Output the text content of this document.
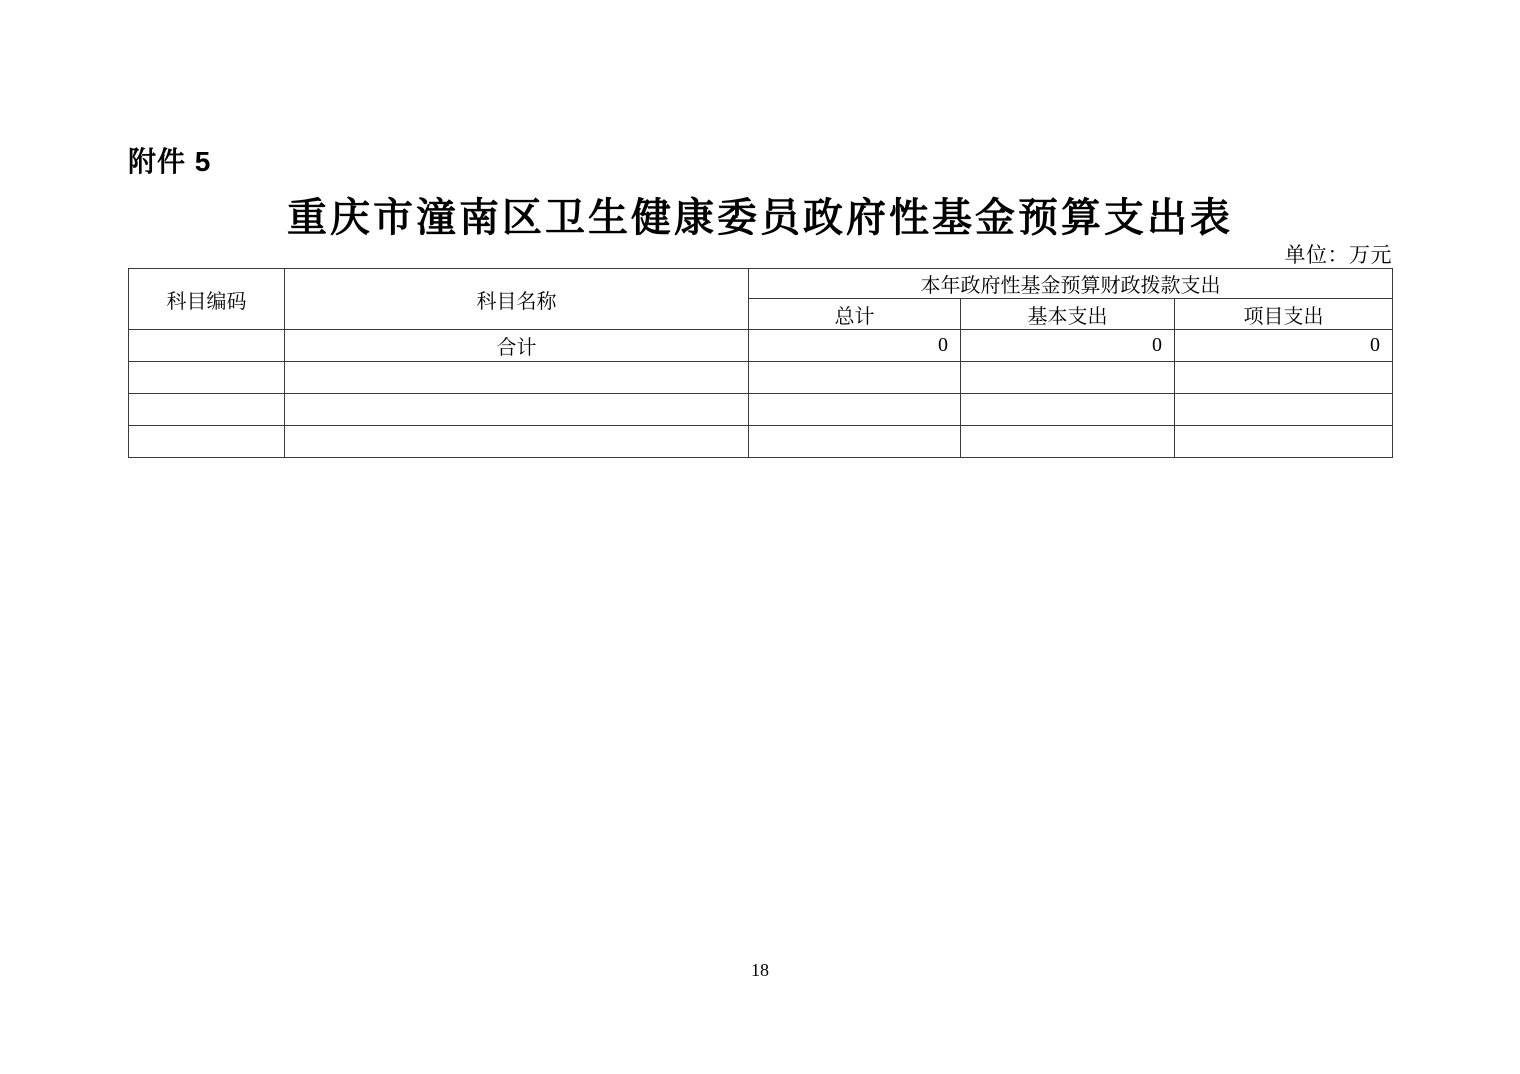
附件 5
重庆市潼南区卫生健康委员政府性基金预算支出表
单位：万元
科目编码	科目名称	本年政府性基金预算财政拨款支出		
		总计	基本支出	项目支出
	合计	0	0	0

18
